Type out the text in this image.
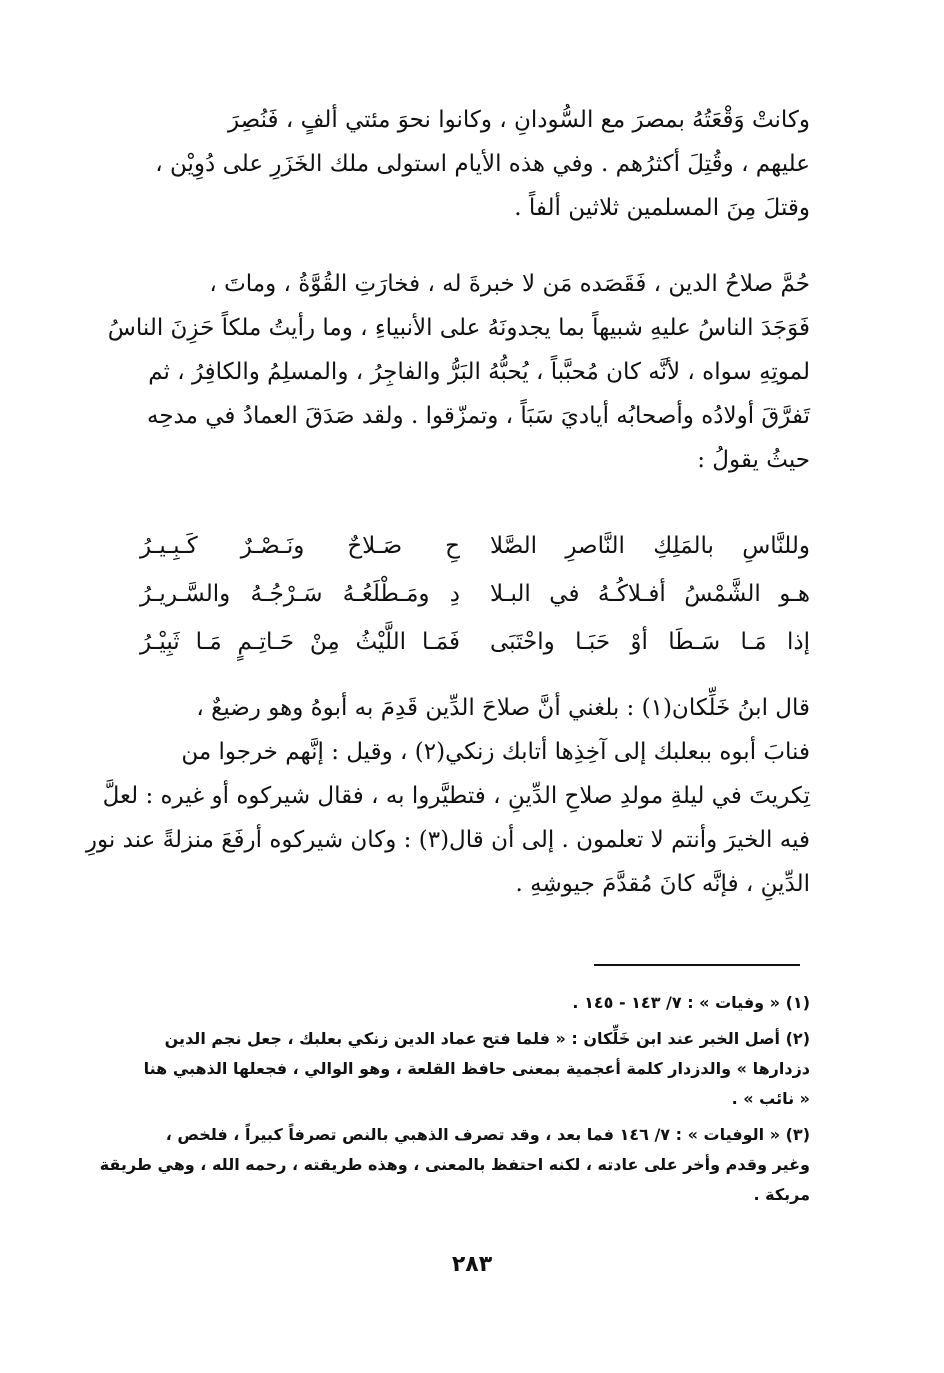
وكانتْ وَقْعَتُهُ بمصرَ مع السُّودانِ ، وكانوا نحوَ مئتي ألفٍ ، فَنُصِرَ
عليهم ، وقُتِلَ أكثرُهم . وفي هذه الأيام استولى ملك الخَزَرِ على دُوِيْن ،
وقتلَ مِنَ المسلمين ثلاثين ألفاً .
حُمَّ صلاحُ الدين ، فَقَصَده مَن لا خبرةَ له ، فخارَتِ القُوَّةُ ، وماتَ ،
فَوَجَدَ الناسُ عليهِ شبيهاً بما يجدونَهُ على الأنبياءِ ، وما رأيتُ ملكاً حَزِنَ الناسُ
لموتِهِ سواه ، لأنَّه كان مُحبَّباً ، يُحبُّهُ البَرُّ والفاجِرُ ، والمسلِمُ والكافِرُ ، ثم
تَفرَّقَ أولادُه وأصحابُه أياديَ سَبَاً ، وتمزّقوا . ولقد صَدَقَ العمادُ في مدحِه
حيثُ يقولُ :
وللنَّاسِ بالمَلِكِ النَّاصرِ الصَّلا
حِ صَـلاحٌ ونَـصْـرٌ كَـبِـيـرُ
هـو الشَّمْسُ أفـلاكُـهُ في البـلا
دِ ومَـطْلَعُـهُ سَـرْجُـهُ والسَّـريـرُ
إذا مَـا سَـطَا أوْ حَبَـا واحْتَبَى
فَمَـا اللَّيْثُ مِنْ حَـاتِـمٍ مَـا ثَبِيْـرُ
قال ابنُ خَلِّكان(١) : بلغني أنَّ صلاحَ الدِّين قَدِمَ به أبوهُ وهو رضيعٌ ،
فنابَ أبوه ببعلبك إلى آخِذِها أتابك زنكي(٢) ، وقيل : إنَّهم خرجوا من
تِكريتَ في ليلةِ مولدِ صلاحِ الدِّينِ ، فتطيَّروا به ، فقال شيركوه أو غيره : لعلَّ
فيه الخيرَ وأنتم لا تعلمون . إلى أن قال(٣) : وكان شيركوه أرفَعَ منزلةً عند نورِ
الدِّينِ ، فإنَّه كانَ مُقدَّمَ جيوشِهِ .
(١) « وفيات » : ٧/ ١٤٣ - ١٤٥ .
(٢) أصل الخبر عند ابن خَلِّكان : « فلما فتح عماد الدين زنكي بعلبك ، جعل نجم الدين
دزدارها » والدزدار كلمة أعجمية بمعنى حافظ القلعة ، وهو الوالي ، فجعلها الذهبي هنا
« نائب » .
(٣) « الوفيات » : ٧/ ١٤٦ فما بعد ، وقد تصرف الذهبي بالنص تصرفاً كبيراً ، فلخص ،
وغير وقدم وأخر على عادته ، لكنه احتفظ بالمعنى ، وهذه طريقته ، رحمه الله ، وهي طريقة
مربكة .
٢٨٣
